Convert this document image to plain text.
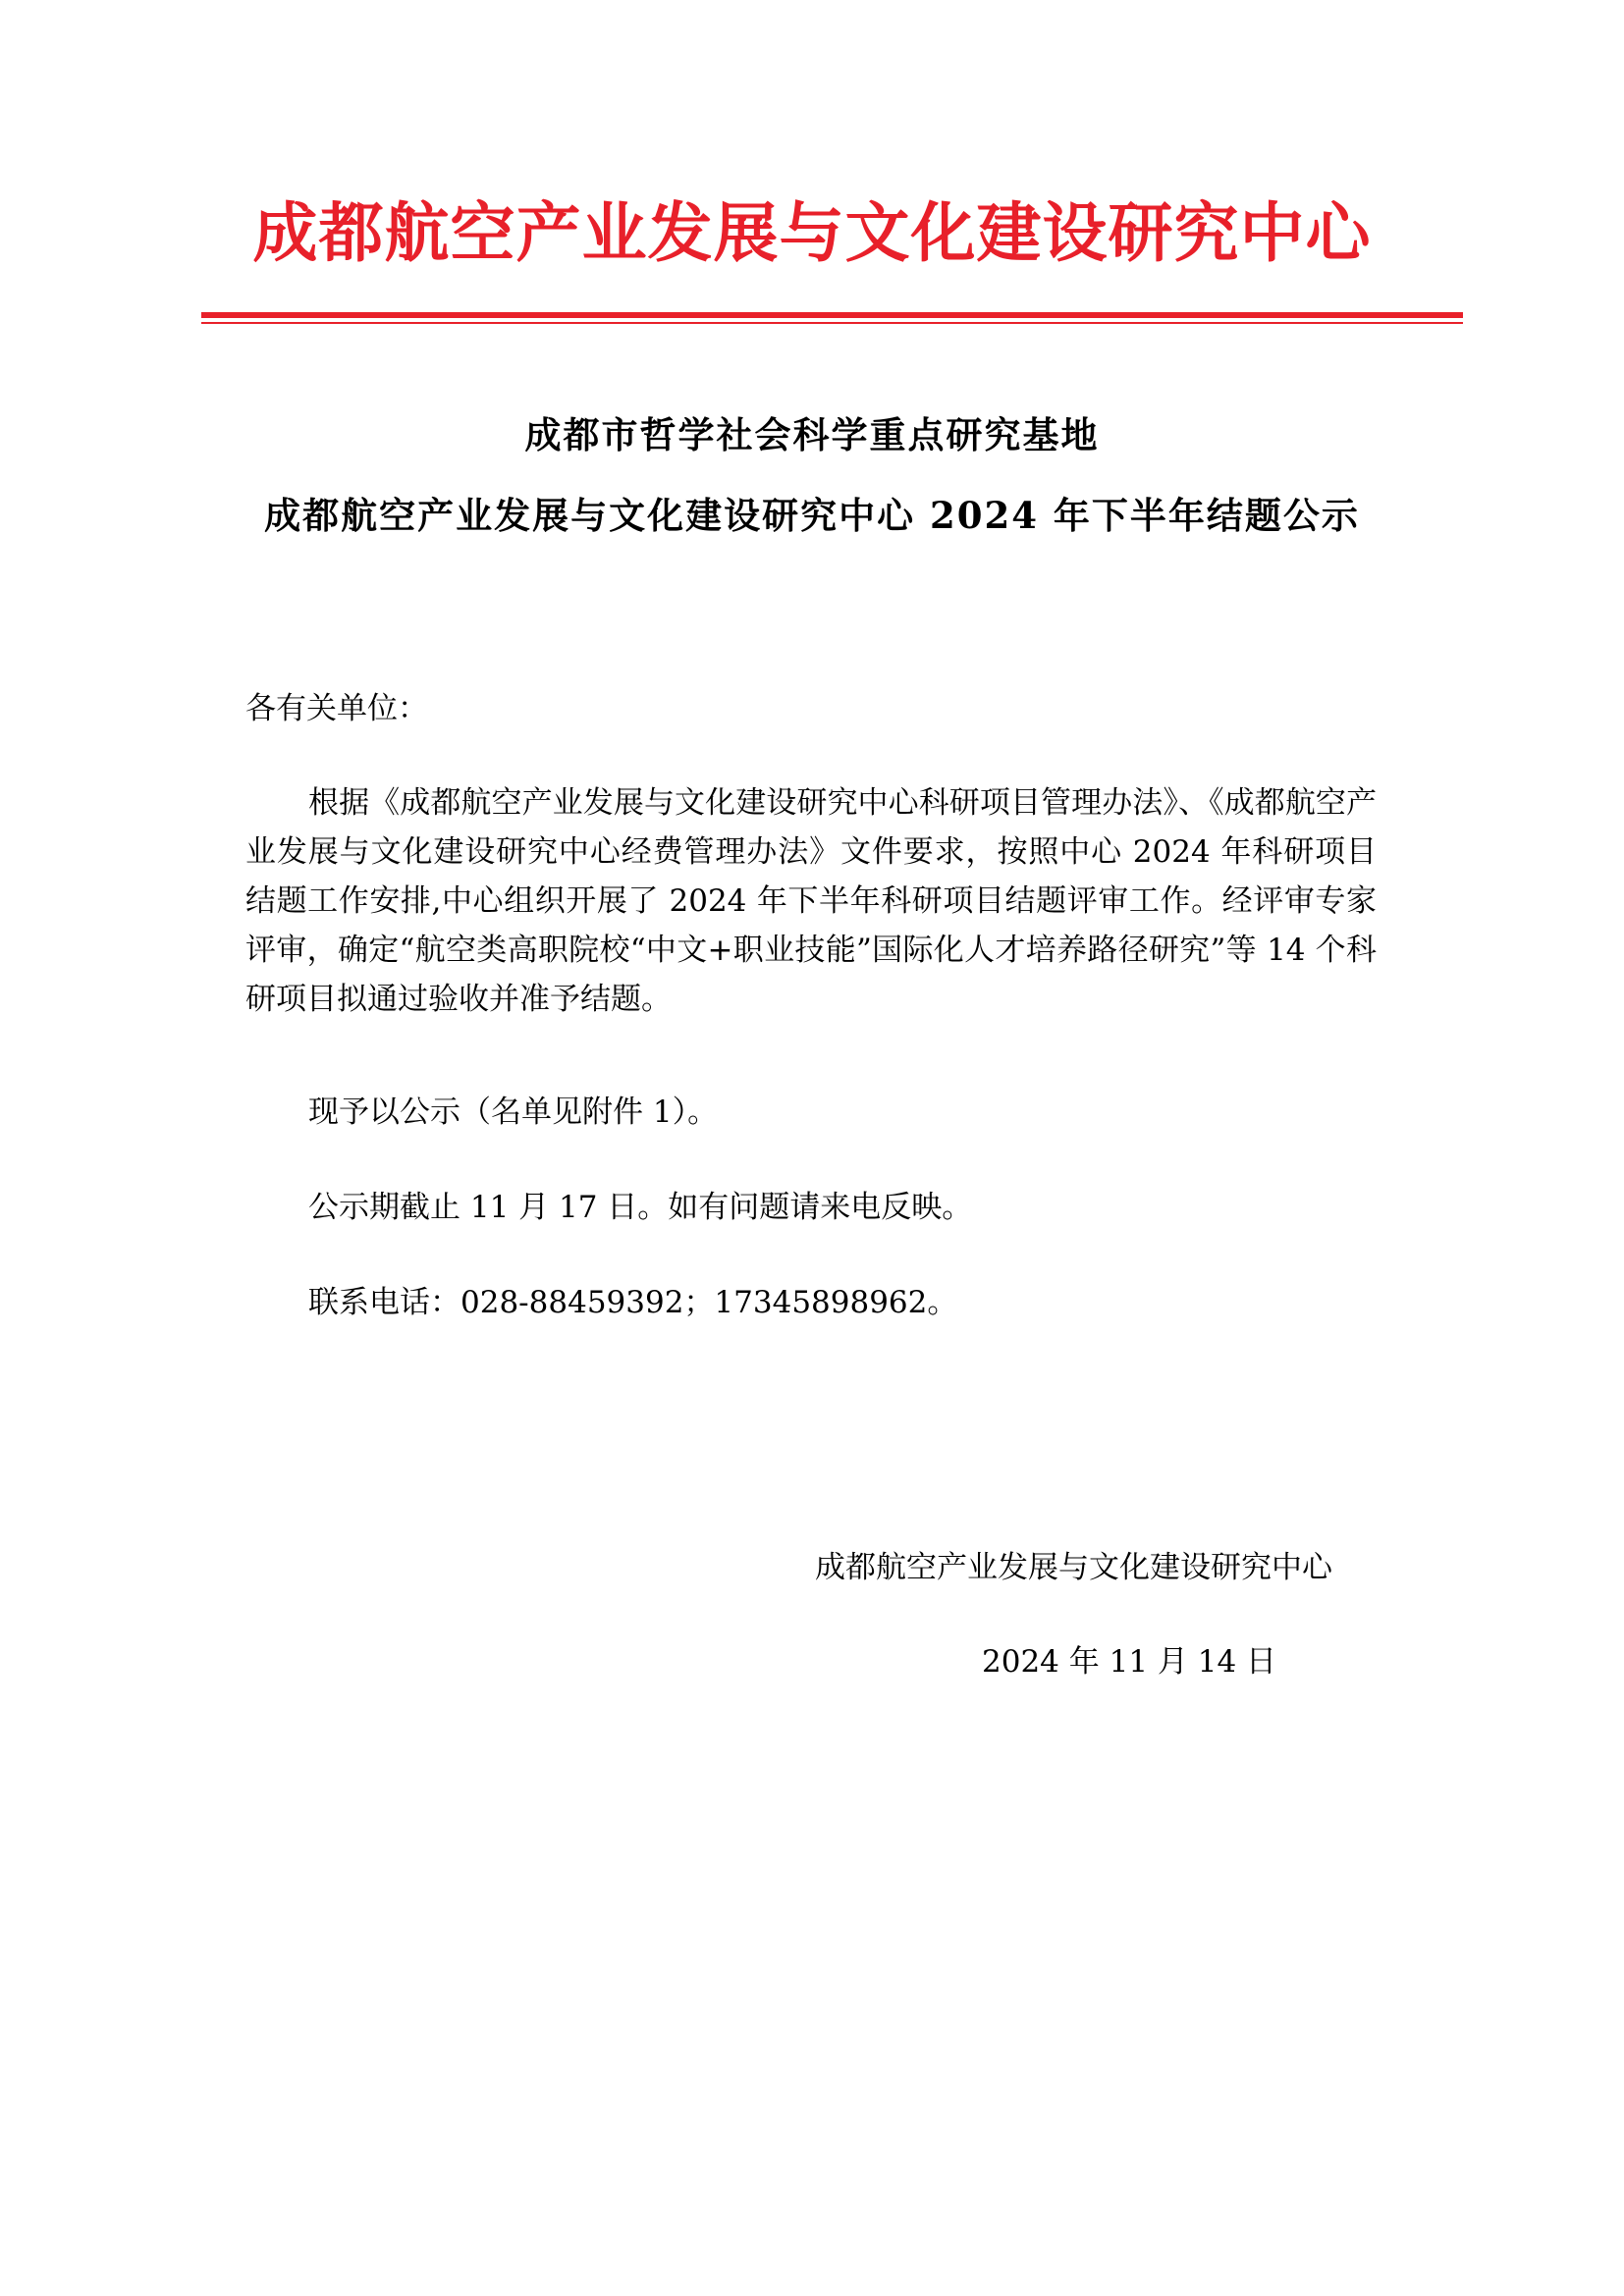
成都航空产业发展与文化建设研究中心
成都市哲学社会科学重点研究基地
成都航空产业发展与文化建设研究中心 2024 年下半年结题公示
各有关单位：
根据《成都航空产业发展与文化建设研究中心科研项目管理办法》、《成都航空产业发展与文化建设研究中心经费管理办法》文件要求，按照中心 2024 年科研项目结题工作安排,中心组织开展了 2024 年下半年科研项目结题评审工作。经评审专家评审，确定“航空类高职院校“中文+职业技能”国际化人才培养路径研究”等 14 个科研项目拟通过验收并准予结题。
现予以公示（名单见附件 1）。
公示期截止 11 月 17 日。如有问题请来电反映。
联系电话：028-88459392；17345898962。
成都航空产业发展与文化建设研究中心
2024 年 11 月 14 日
